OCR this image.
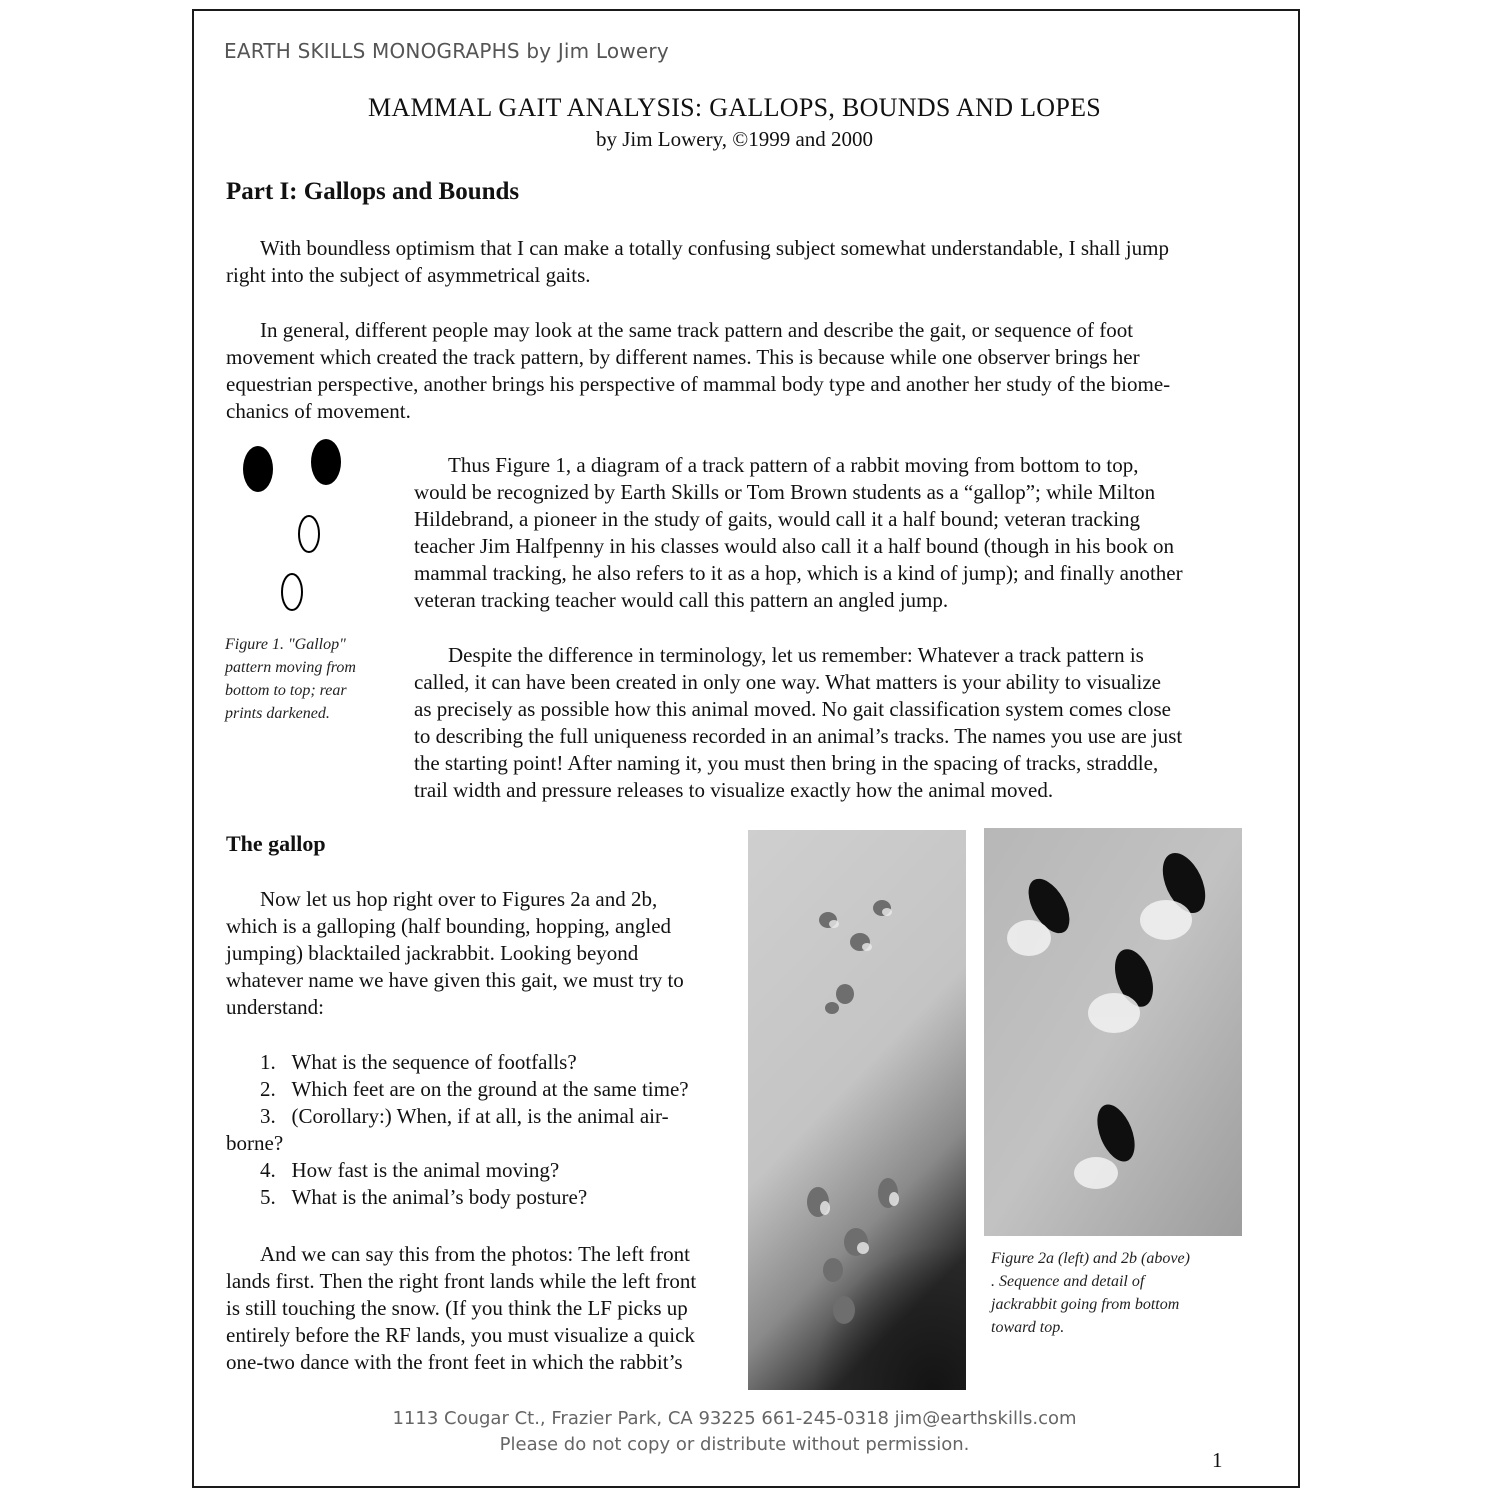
EARTH SKILLS MONOGRAPHS by Jim Lowery
MAMMAL GAIT ANALYSIS: GALLOPS, BOUNDS AND LOPES
by Jim Lowery, ©1999 and 2000
Part I: Gallops and Bounds
With boundless optimism that I can make a totally confusing subject somewhat understandable, I shall jump
right into the subject of asymmetrical gaits.
In general, different people may look at the same track pattern and describe the gait, or sequence of foot
movement which created the track pattern, by different names. This is because while one observer brings her
equestrian perspective, another brings his perspective of mammal body type and another her study of the biome-
chanics of movement.
Figure 1. "Gallop"
pattern moving from
bottom to top; rear
prints darkened.
Thus Figure 1, a diagram of a track pattern of a rabbit moving from bottom to top,
would be recognized by Earth Skills or Tom Brown students as a “gallop”; while Milton
Hildebrand, a pioneer in the study of gaits, would call it a half bound; veteran tracking
teacher Jim Halfpenny in his classes would also call it a half bound (though in his book on
mammal tracking, he also refers to it as a hop, which is a kind of jump); and finally another
veteran tracking teacher would call this pattern an angled jump.
Despite the difference in terminology, let us remember: Whatever a track pattern is
called, it can have been created in only one way. What matters is your ability to visualize
as precisely as possible how this animal moved. No gait classification system comes close
to describing the full uniqueness recorded in an animal’s tracks. The names you use are just
the starting point! After naming it, you must then bring in the spacing of tracks, straddle,
trail width and pressure releases to visualize exactly how the animal moved.
The gallop
Now let us hop right over to Figures 2a and 2b,
which is a galloping (half bounding, hopping, angled
jumping) blacktailed jackrabbit. Looking beyond
whatever name we have given this gait, we must try to
understand:
1. What is the sequence of footfalls?
2. Which feet are on the ground at the same time?
3. (Corollary:) When, if at all, is the animal air-
borne?
4. How fast is the animal moving?
5. What is the animal’s body posture?
And we can say this from the photos: The left front
lands first. Then the right front lands while the left front
is still touching the snow. (If you think the LF picks up
entirely before the RF lands, you must visualize a quick
one-two dance with the front feet in which the rabbit’s
Figure 2a (left) and 2b (above)
. Sequence and detail of
jackrabbit going from bottom
toward top.
1113 Cougar Ct., Frazier Park, CA 93225 661-245-0318 jim@earthskills.com
Please do not copy or distribute without permission.
1
